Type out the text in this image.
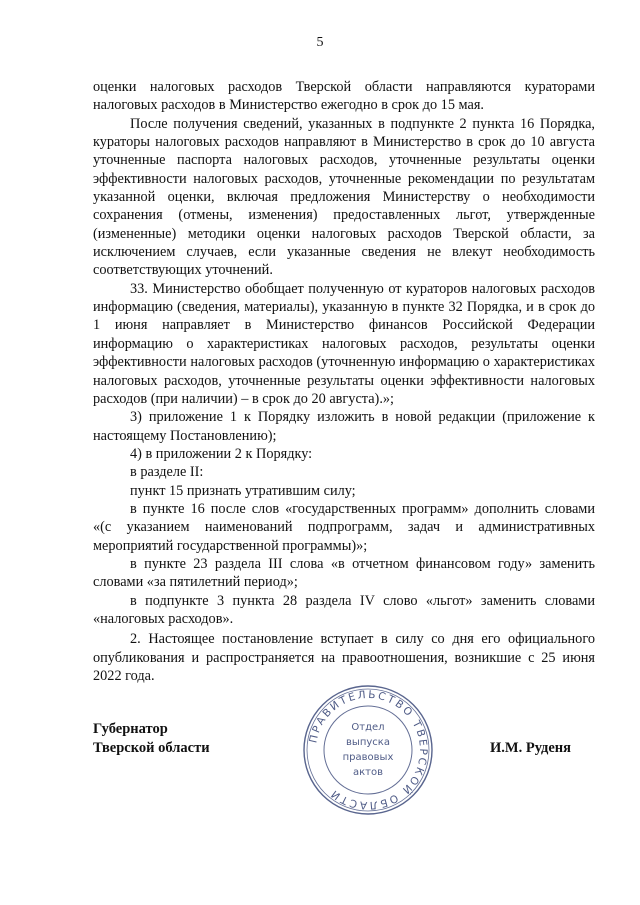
5

оценки налоговых расходов Тверской области направляются кураторами налоговых расходов в Министерство ежегодно в срок до 15 мая.

После получения сведений, указанных в подпункте 2 пункта 16 Порядка, кураторы налоговых расходов направляют в Министерство в срок до 10 августа уточненные паспорта налоговых расходов, уточненные результаты оценки эффективности налоговых расходов, уточненные рекомендации по результатам указанной оценки, включая предложения Министерству о необходимости сохранения (отмены, изменения) предоставленных льгот, утвержденные (измененные) методики оценки налоговых расходов Тверской области, за исключением случаев, если указанные сведения не влекут необходимость соответствующих уточнений.

33. Министерство обобщает полученную от кураторов налоговых расходов информацию (сведения, материалы), указанную в пункте 32 Порядка, и в срок до 1 июня направляет в Министерство финансов Российской Федерации информацию о характеристиках налоговых расходов, результаты оценки эффективности налоговых расходов (уточненную информацию о характеристиках налоговых расходов, уточненные результаты оценки эффективности налоговых расходов (при наличии) – в срок до 20 августа).»;

3) приложение 1 к Порядку изложить в новой редакции (приложение к настоящему Постановлению);

4) в приложении 2 к Порядку:

в разделе II:

пункт 15 признать утратившим силу;

в пункте 16 после слов «государственных программ» дополнить словами «(с указанием наименований подпрограмм, задач и административных мероприятий государственной программы)»;

в пункте 23 раздела III слова «в отчетном финансовом году» заменить словами «за пятилетний период»;

в подпункте 3 пункта 28 раздела IV слово «льгот» заменить словами «налоговых расходов».

2. Настоящее постановление вступает в силу со дня его официального опубликования и распространяется на правоотношения, возникшие с 25 июня 2022 года.

Губернатор
Тверской области	И.М. Руденя
ПРАВИТЕЛЬСТВО ТВЕРСКОЙ ОБЛАСТИ
Отдел
выпуска
правовых
актов
